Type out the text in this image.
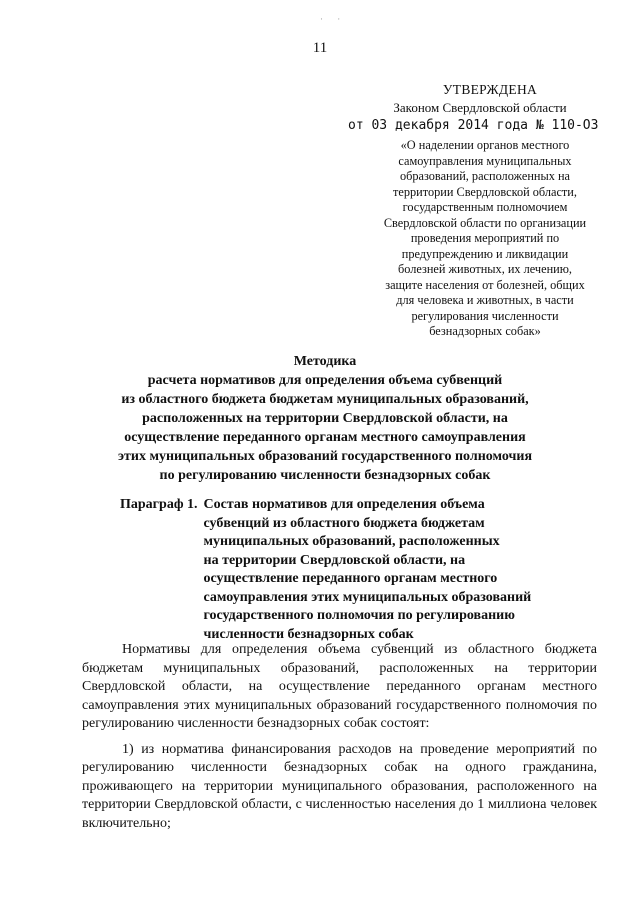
· ·
11
УТВЕРЖДЕНА
Законом Свердловской области
от 03 декабря 2014 года № 110-ОЗ
«О наделении органов местного
самоуправления муниципальных
образований, расположенных на
территории Свердловской области,
государственным полномочием
Свердловской области по организации
проведения мероприятий по
предупреждению и ликвидации
болезней животных, их лечению,
защите населения от болезней, общих
для человека и животных, в части
регулирования численности
безнадзорных собак»
Методика
расчета нормативов для определения объема субвенций
из областного бюджета бюджетам муниципальных образований,
расположенных на территории Свердловской области, на
осуществление переданного органам местного самоуправления
этих муниципальных образований государственного полномочия
по регулированию численности безнадзорных собак
Параграф 1. Состав нормативов для определения объема
субвенций из областного бюджета бюджетам
муниципальных образований, расположенных
на территории Свердловской области, на
осуществление переданного органам местного
самоуправления этих муниципальных образований
государственного полномочия по регулированию
численности безнадзорных собак

Нормативы для определения объема субвенций из областного бюджета бюджетам муниципальных образований, расположенных на территории Свердловской области, на осуществление переданного органам местного самоуправления этих муниципальных образований государственного полномочия по регулированию численности безнадзорных собак состоят:

1) из норматива финансирования расходов на проведение мероприятий по регулированию численности безнадзорных собак на одного гражданина, проживающего на территории муниципального образования, расположенного на территории Свердловской области, с численностью населения до 1 миллиона человек включительно;
